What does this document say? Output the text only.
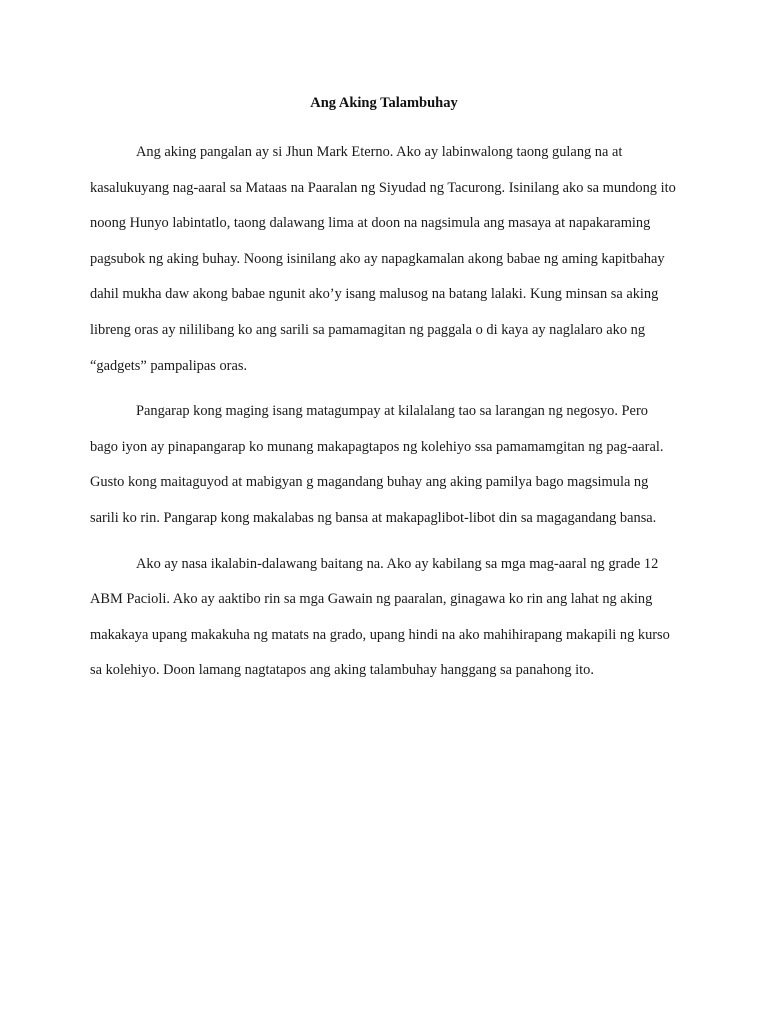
Ang Aking Talambuhay

Ang aking pangalan ay si Jhun Mark Eterno. Ako ay labinwalong taong gulang na at kasalukuyang nag-aaral sa Mataas na Paaralan ng Siyudad ng Tacurong. Isinilang ako sa mundong ito noong Hunyo labintatlo, taong dalawang lima at doon na nagsimula ang masaya at napakaraming pagsubok ng aking buhay. Noong isinilang ako ay napagkamalan akong babae ng aming kapitbahay dahil mukha daw akong babae ngunit ako’y isang malusog na batang lalaki. Kung minsan sa aking libreng oras ay nililibang ko ang sarili sa pamamagitan ng paggala o di kaya ay naglalaro ako ng “gadgets” pampalipas oras.

Pangarap kong maging isang matagumpay at kilalalang tao sa larangan ng negosyo. Pero bago iyon ay pinapangarap ko munang makapagtapos ng kolehiyo ssa pamamamgitan ng pag-aaral. Gusto kong maitaguyod at mabigyan g magandang buhay ang aking pamilya bago magsimula ng sarili ko rin. Pangarap kong makalabas ng bansa at makapaglibot-libot din sa magagandang bansa.

Ako ay nasa ikalabin-dalawang baitang na. Ako ay kabilang sa mga mag-aaral ng grade 12 ABM Pacioli. Ako ay aaktibo rin sa mga Gawain ng paaralan, ginagawa ko rin ang lahat ng aking makakaya upang makakuha ng matats na grado, upang hindi na ako mahihirapang makapili ng kurso sa kolehiyo. Doon lamang nagtatapos ang aking talambuhay hanggang sa panahong ito.
